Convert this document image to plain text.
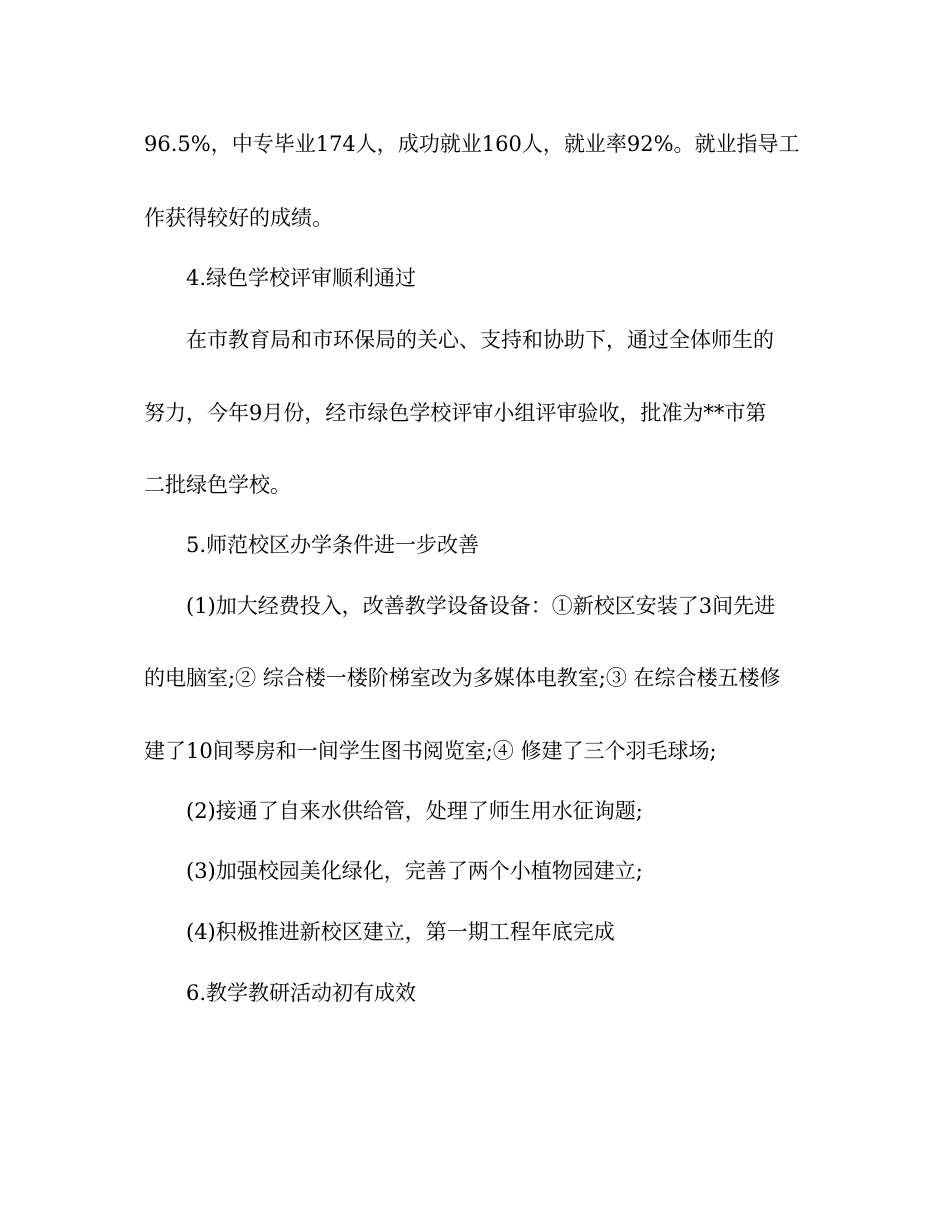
96.5%，中专毕业174人，成功就业160人，就业率92%。就业指导工
作获得较好的成绩。
4.绿色学校评审顺利通过
在市教育局和市环保局的关心、支持和协助下，通过全体师生的
努力，今年9月份，经市绿色学校评审小组评审验收，批准为**市第
二批绿色学校。
5.师范校区办学条件进一步改善
(1)加大经费投入，改善教学设备设备：①新校区安装了3间先进
的电脑室;② 综合楼一楼阶梯室改为多媒体电教室;③ 在综合楼五楼修
建了10间琴房和一间学生图书阅览室;④ 修建了三个羽毛球场;
(2)接通了自来水供给管，处理了师生用水征询题;
(3)加强校园美化绿化，完善了两个小植物园建立;
(4)积极推进新校区建立，第一期工程年底完成
6.教学教研活动初有成效
